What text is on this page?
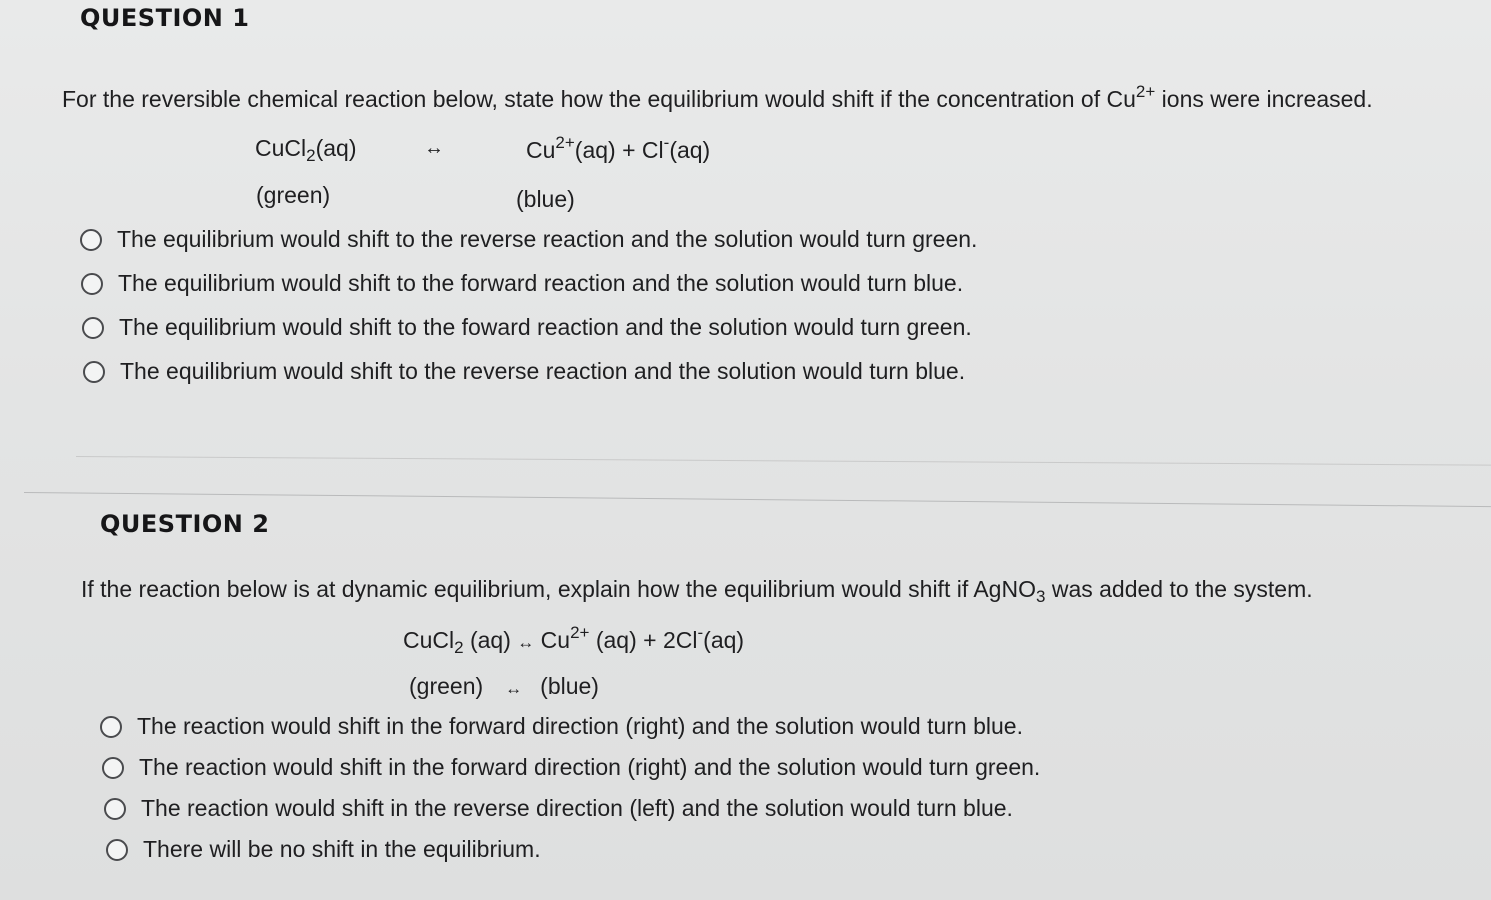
QUESTION 1
For the reversible chemical reaction below, state how the equilibrium would shift if the concentration of $Cu^{2+}$ ions were increased.
CuCl$_2$(aq)	↔	$Cu^{2+}(aq) + Cl^-(aq)$
(green)	(blue)
The equilibrium would shift to the reverse reaction and the solution would turn green.
The equilibrium would shift to the forward reaction and the solution would turn blue.
The equilibrium would shift to the foward reaction and the solution would turn green.
The equilibrium would shift to the reverse reaction and the solution would turn blue.
QUESTION 2
If the reaction below is at dynamic equilibrium, explain how the equilibrium would shift if AgNO$_3$ was added to the system.
CuCl$_2$ (aq) ↔ $Cu^{2+}$ (aq) + 2Cl-(aq)
(green) ↔ (blue)
The reaction would shift in the forward direction (right) and the solution would turn blue.
The reaction would shift in the forward direction (right) and the solution would turn green.
The reaction would shift in the reverse direction (left) and the solution would turn blue.
There will be no shift in the equilibrium.
